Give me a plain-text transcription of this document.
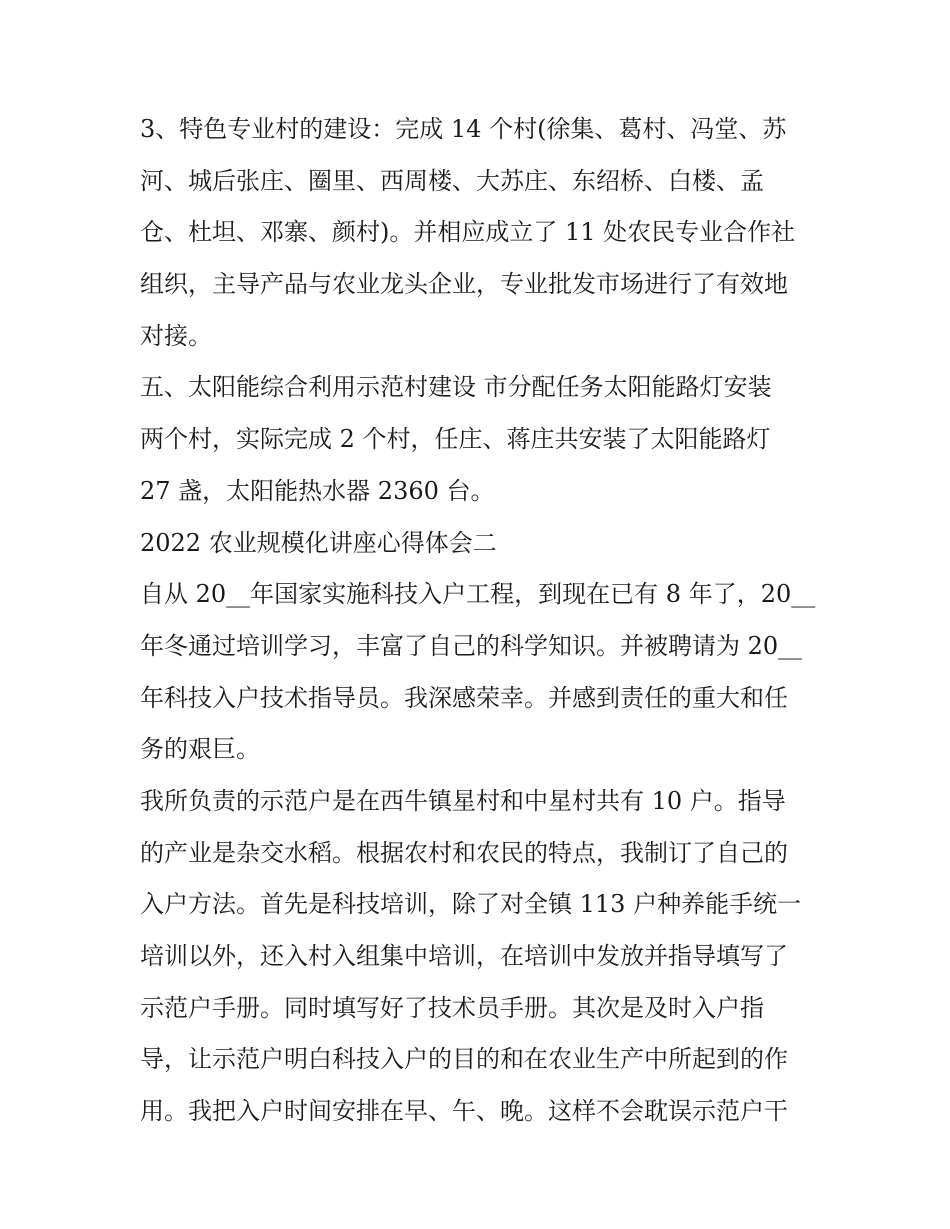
3、特色专业村的建设：完成 14 个村(徐集、葛村、冯堂、苏
河、城后张庄、圈里、西周楼、大苏庄、东绍桥、白楼、孟
仓、杜坦、邓寨、颜村)。并相应成立了 11 处农民专业合作社
组织，主导产品与农业龙头企业，专业批发市场进行了有效地
对接。
五、太阳能综合利用示范村建设 市分配任务太阳能路灯安装
两个村，实际完成 2 个村，任庄、蒋庄共安装了太阳能路灯
27 盏，太阳能热水器 2360 台。
2022 农业规模化讲座心得体会二
自从 20__年国家实施科技入户工程，到现在已有 8 年了，20__
年冬通过培训学习，丰富了自己的科学知识。并被聘请为 20__
年科技入户技术指导员。我深感荣幸。并感到责任的重大和任
务的艰巨。
我所负责的示范户是在西牛镇星村和中星村共有 10 户。指导
的产业是杂交水稻。根据农村和农民的特点，我制订了自己的
入户方法。首先是科技培训，除了对全镇 113 户种养能手统一
培训以外，还入村入组集中培训，在培训中发放并指导填写了
示范户手册。同时填写好了技术员手册。其次是及时入户指
导，让示范户明白科技入户的目的和在农业生产中所起到的作
用。我把入户时间安排在早、午、晚。这样不会耽误示范户干
